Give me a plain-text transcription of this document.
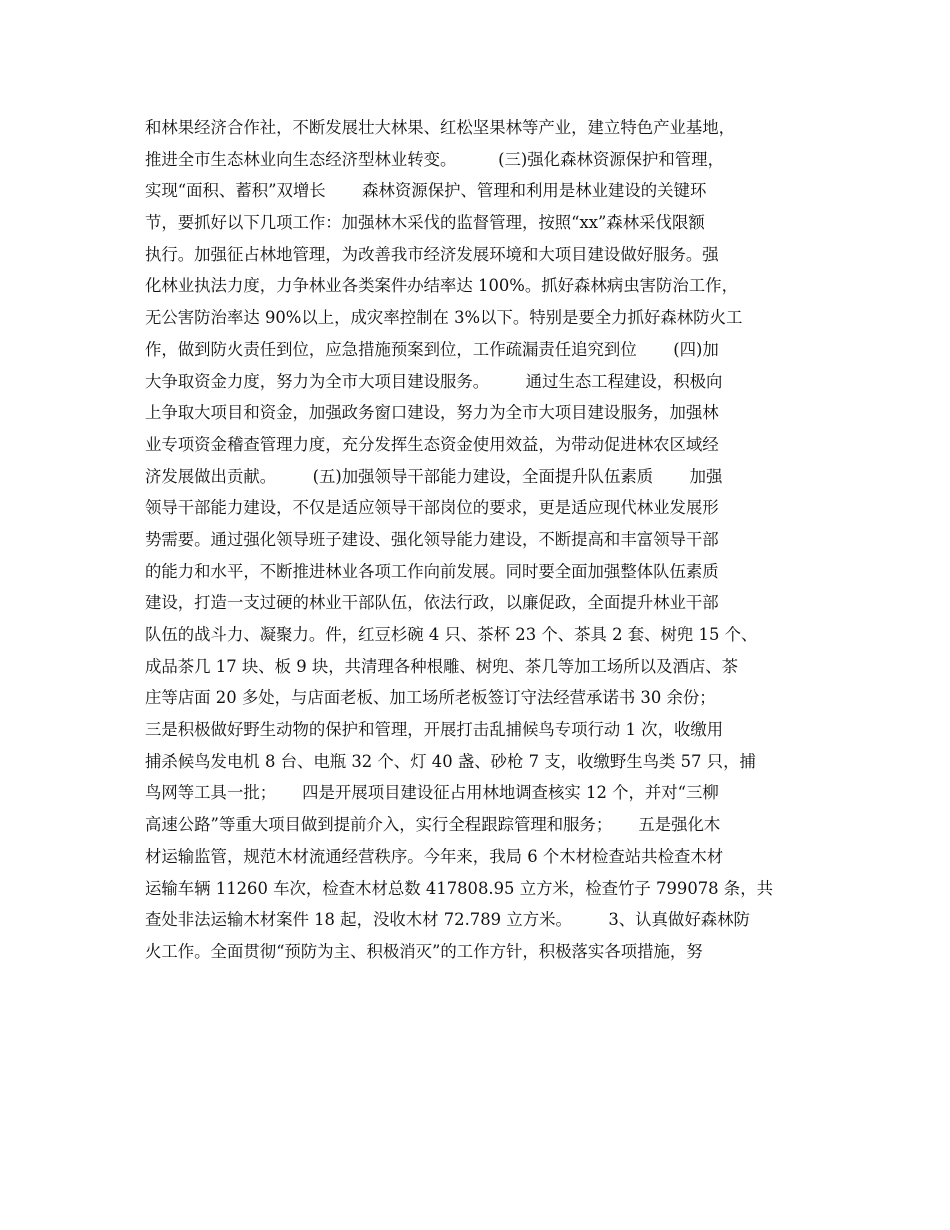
和林果经济合作社，不断发展壮大林果、红松坚果林等产业，建立特色产业基地，
推进全市生态林业向生态经济型林业转变。        (三)强化森林资源保护和管理，
实现“面积、蓄积”双增长       森林资源保护、管理和利用是林业建设的关键环
节，要抓好以下几项工作：加强林木采伐的监督管理，按照“xx”森林采伐限额
执行。加强征占林地管理，为改善我市经济发展环境和大项目建设做好服务。强
化林业执法力度，力争林业各类案件办结率达 100%。抓好森林病虫害防治工作，
无公害防治率达 90%以上，成灾率控制在 3%以下。特别是要全力抓好森林防火工
作，做到防火责任到位，应急措施预案到位，工作疏漏责任追究到位       (四)加
大争取资金力度，努力为全市大项目建设服务。       通过生态工程建设，积极向
上争取大项目和资金，加强政务窗口建设，努力为全市大项目建设服务，加强林
业专项资金稽查管理力度，充分发挥生态资金使用效益，为带动促进林农区域经
济发展做出贡献。       (五)加强领导干部能力建设，全面提升队伍素质       加强
领导干部能力建设，不仅是适应领导干部岗位的要求，更是适应现代林业发展形
势需要。通过强化领导班子建设、强化领导能力建设，不断提高和丰富领导干部
的能力和水平，不断推进林业各项工作向前发展。同时要全面加强整体队伍素质
建设，打造一支过硬的林业干部队伍，依法行政，以廉促政，全面提升林业干部
队伍的战斗力、凝聚力。件，红豆杉碗 4 只、茶杯 23 个、茶具 2 套、树兜 15 个、
成品茶几 17 块、板 9 块，共清理各种根雕、树兜、茶几等加工场所以及酒店、茶
庄等店面 20 多处，与店面老板、加工场所老板签订守法经营承诺书 30 余份；
三是积极做好野生动物的保护和管理，开展打击乱捕候鸟专项行动 1 次，收缴用
捕杀候鸟发电机 8 台、电瓶 32 个、灯 40 盏、砂枪 7 支，收缴野生鸟类 57 只，捕
鸟网等工具一批；     四是开展项目建设征占用林地调查核实 12 个，并对“三柳
高速公路”等重大项目做到提前介入，实行全程跟踪管理和服务；     五是强化木
材运输监管，规范木材流通经营秩序。今年来，我局 6 个木材检查站共检查木材
运输车辆 11260 车次，检查木材总数 417808.95 立方米，检查竹子 799078 条，共
查处非法运输木材案件 18 起，没收木材 72.789 立方米。       3、认真做好森林防
火工作。全面贯彻“预防为主、积极消灭”的工作方针，积极落实各项措施，努
